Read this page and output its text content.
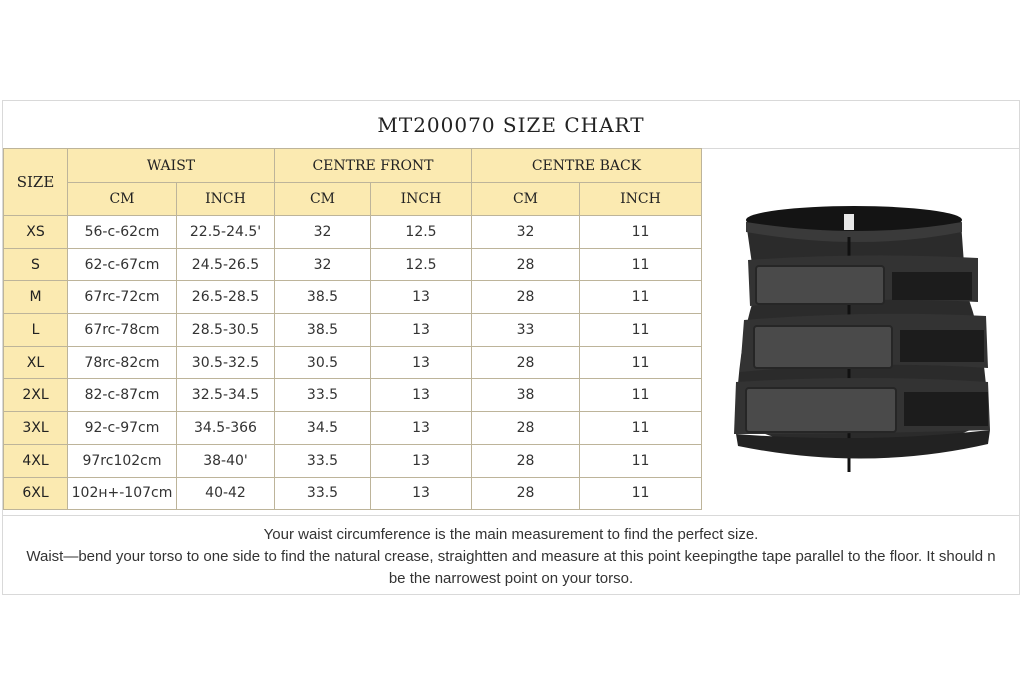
MT200070 SIZE CHART
SIZE	WAIST		CENTRE FRONT		CENTRE BACK	
	CM	INCH	CM	INCH	CM	INCH
XS	56-c-62cm	22.5-24.5'	32	12.5	32	11
S	62-c-67cm	24.5-26.5	32	12.5	28	11
M	67rc-72cm	26.5-28.5	38.5	13	28	11
L	67rc-78cm	28.5-30.5	38.5	13	33	11
XL	78rc-82cm	30.5-32.5	30.5	13	28	11
2XL	82-c-87cm	32.5-34.5	33.5	13	38	11
3XL	92-c-97cm	34.5-366	34.5	13	28	11
4XL	97rc102cm	38-40'	33.5	13	28	11
6XL	102н+-107cm	40-42	33.5	13	28	11
Your waist circumference is the main measurement to find the perfect size.
Waist—bend your torso to one side to find the natural crease, straightten and measure at this point keepingthe tape parallel to the floor. It should n
be the narrowest point on your torso.
